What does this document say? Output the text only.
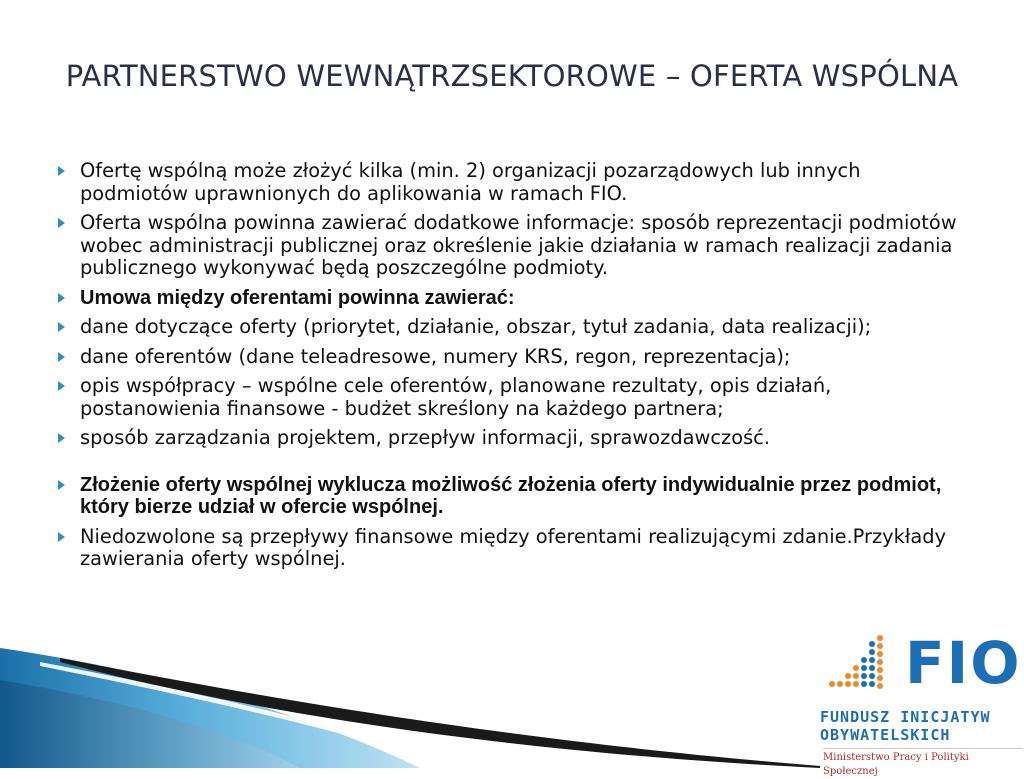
PARTNERSTWO WEWNĄTRZSEKTOROWE – OFERTA WSPÓLNA
Ofertę wspólną może złożyć kilka (min. 2) organizacji pozarządowych lub innych podmiotów uprawnionych do aplikowania w ramach FIO.
Oferta wspólna powinna zawierać dodatkowe informacje: sposób reprezentacji podmiotów wobec administracji publicznej oraz określenie jakie działania w ramach realizacji zadania publicznego wykonywać będą poszczególne podmioty.
Umowa między oferentami powinna zawierać:
dane dotyczące oferty (priorytet, działanie, obszar, tytuł zadania, data realizacji);
dane oferentów (dane teleadresowe, numery KRS, regon, reprezentacja);
opis współpracy – wspólne cele oferentów, planowane rezultaty, opis działań, postanowienia finansowe - budżet skreślony na każdego partnera;
sposób zarządzania projektem, przepływ informacji, sprawozdawczość.
Złożenie oferty wspólnej wyklucza możliwość złożenia oferty indywidualnie przez podmiot, który bierze udział w ofercie wspólnej.
Niedozwolone są przepływy finansowe między oferentami realizującymi zdanie.Przykłady zawierania oferty wspólnej.
FIO
FUNDUSZ INICJATYW
OBYWATELSKICH
Ministerstwo Pracy i Polityki Społecznej
